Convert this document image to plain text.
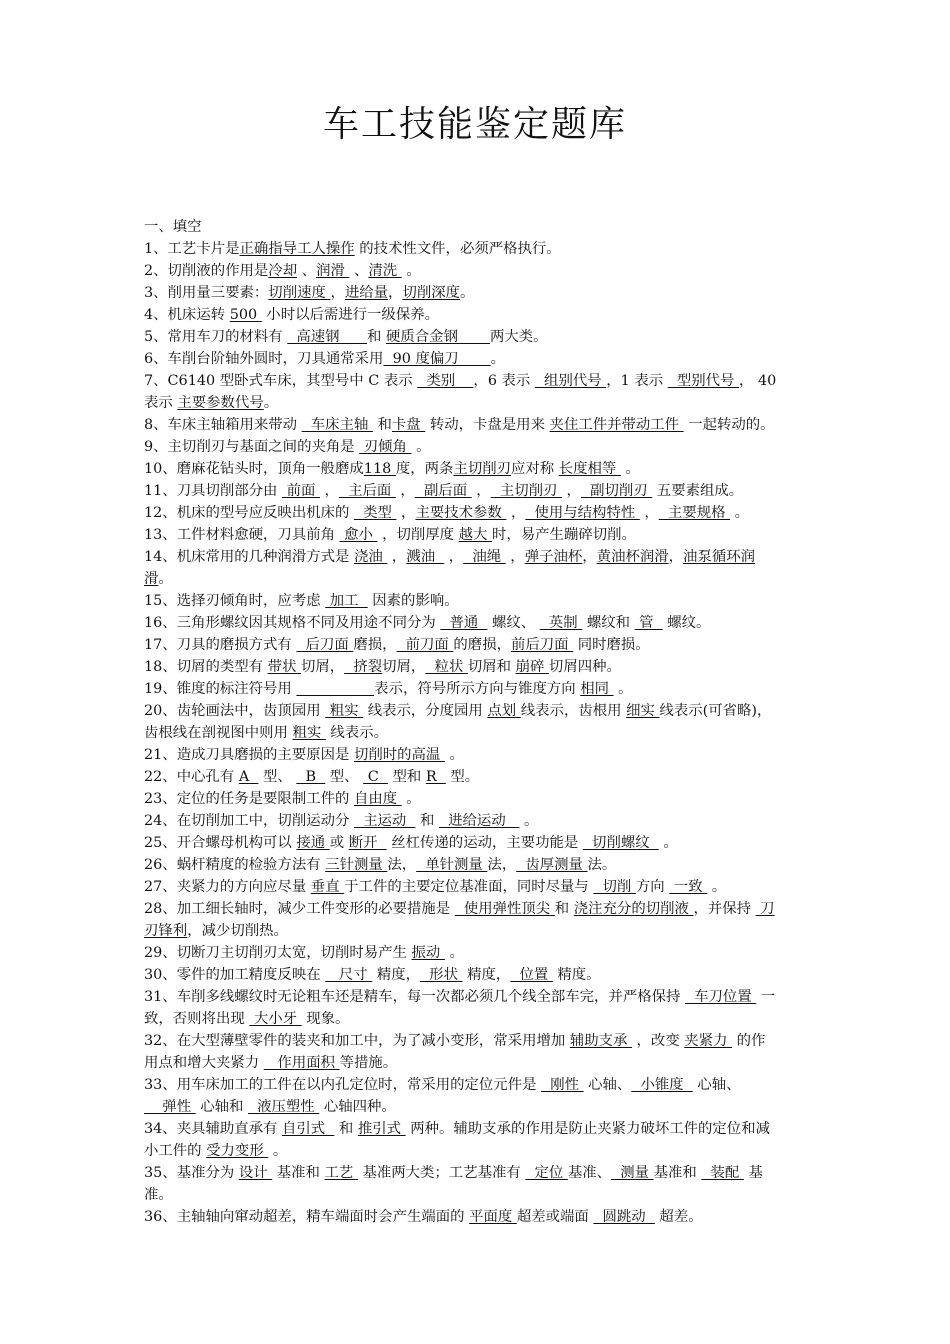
车工技能鉴定题库
一、填空
1、工艺卡片是正确指导工人操作 的技术性文件，必须严格执行。
2、切削液的作用是冷却 、润滑  、清洗  。
3、削用量三要素：切削速度 ，进给量，切削深度。
4、机床运转 500  小时以后需进行一级保养。
5、常用车刀的材料有   高速钢      和 硬质合金钢       两大类。
6、车削台阶轴外圆时，刀具通常采用  90 度偏刀       。
7、C6140 型卧式车床，其型号中 C 表示   类别    ，6 表示   组别代号 ，1 表示   型别代号 ， 40
表示 主要参数代号。
8、车床主轴箱用来带动   车床主轴  和卡盘  转动，卡盘是用来 夹住工件并带动工件  一起转动的。
9、主切削刃与基面之间的夹角是  刃倾角  。
10、磨麻花钻头时，顶角一般磨成118 度，两条主切削刃应对称 长度相等  。
11、刀具切削部分由  前面  ，  主后面  ，  副后面  ，  主切削刃  ，  副切削刃  五要素组成。
12、机床的型号应反映出机床的   类型  ，主要技术参数  ，  使用与结构特性  ，  主要规格  。
13、工件材料愈硬，刀具前角  愈小  ，切削厚度 越大 时，易产生蹦碎切削。
14、机床常用的几种润滑方式是 浇油  ，溅油   ，  油绳  ，弹子油杯，黄油杯润滑，油泵循环润
滑。
15、选择刃倾角时，应考虑  加工   因素的影响。
16、三角形螺纹因其规格不同及用途不同分为   普通   螺纹、   英制  螺纹和  管   螺纹。
17、刀具的磨损方式有   后刀面 磨损，  前刀面 的磨损，前后刀面  同时磨损。
18、切屑的类型有 带状 切屑，  挤裂切屑，  粒状 切屑和 崩碎 切屑四种。
19、锥度的标注符号用	表示，符号所示方向与锥度方向 相同  。
20、齿轮画法中，齿顶园用  粗实  线表示，分度园用 点划 线表示，齿根用 细实 线表示(可省略)，
齿根线在剖视图中则用 粗实  线表示。
21、造成刀具磨损的主要原因是 切削时的高温  。
22、中心孔有 A   型、   B   型、  C   型和 R   型。
23、定位的任务是要限制工件的 自由度  。
24、在切削加工中，切削运动分   主运动   和   进给运动    。
25、开合螺母机构可以 接通 或 断开   丝杠传递的运动，主要功能是   切削螺纹   。
26、蜗杆精度的检验方法有 三针测量 法，  单针测量 法，  齿厚测量 法。
27、夹紧力的方向应尽量 垂直 于工件的主要定位基准面，同时尽量与   切削 方向  一致  。
28、加工细长轴时，减少工件变形的必要措施是   使用弹性顶尖 和 浇注充分的切削液 ，并保持  刀
刃锋利，减少切削热。
29、切断刀主切削刃太宽，切削时易产生 振动  。
30、零件的加工精度反映在    尺寸  精度，  形状  精度，  位置  精度。
31、车削多线螺纹时无论粗车还是精车，每一次都必须几个线全部车完，并严格保持   车刀位置  一
致，否则将出现  大小牙  现象。
32、在大型薄壁零件的装夹和加工中，为了减小变形，常采用增加 辅助支承  ，改变 夹紧力  的作
用点和增大夹紧力    作用面积 等措施。
33、用车床加工的工件在以内孔定位时，常采用的定位元件是   刚性  心轴、  小锥度   心轴、
弹性  心轴和   液压塑性  心轴四种。
34、夹具辅助直承有 自引式   和 推引式  两种。辅助支承的作用是防止夹紧力破坏工件的定位和减
小工件的 受力变形  。
35、基准分为 设计  基准和 工艺  基准两大类；工艺基准有   定位 基准、  测量 基准和   装配  基
准。
36、主轴轴向窜动超差，精车端面时会产生端面的 平面度 超差或端面   圆跳动   超差。
